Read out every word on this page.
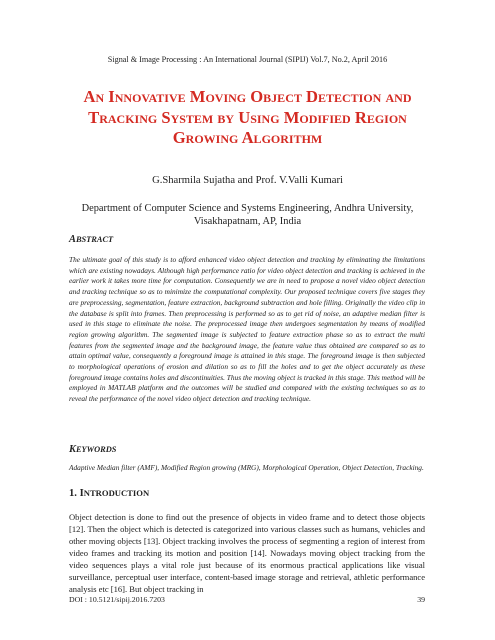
Signal & Image Processing : An International Journal (SIPIJ) Vol.7, No.2, April 2016
An Innovative Moving Object Detection and Tracking System by Using Modified Region Growing Algorithm
G.Sharmila Sujatha and Prof. V.Valli Kumari
Department of Computer Science and Systems Engineering, Andhra University, Visakhapatnam, AP, India
ABSTRACT

The ultimate goal of this study is to afford enhanced video object detection and tracking by eliminating the limitations which are existing nowadays. Although high performance ratio for video object detection and tracking is achieved in the earlier work it takes more time for computation. Consequently we are in need to propose a novel video object detection and tracking technique so as to minimize the computational complexity. Our proposed technique covers five stages they are preprocessing, segmentation, feature extraction, background subtraction and hole filling. Originally the video clip in the database is split into frames. Then preprocessing is performed so as to get rid of noise, an adaptive median filter is used in this stage to eliminate the noise. The preprocessed image then undergoes segmentation by means of modified region growing algorithm. The segmented image is subjected to feature extraction phase so as to extract the multi features from the segmented image and the background image, the feature value thus obtained are compared so as to attain optimal value, consequently a foreground image is attained in this stage. The foreground image is then subjected to morphological operations of erosion and dilation so as to fill the holes and to get the object accurately as these foreground image contains holes and discontinuities. Thus the moving object is tracked in this stage. This method will be employed in MATLAB platform and the outcomes will be studied and compared with the existing techniques so as to reveal the performance of the novel video object detection and tracking technique.

KEYWORDS

Adaptive Median filter (AMF), Modified Region growing (MRG), Morphological Operation, Object Detection, Tracking.

1. INTRODUCTION

Object detection is done to find out the presence of objects in video frame and to detect those objects [12]. Then the object which is detected is categorized into various classes such as humans, vehicles and other moving objects [13]. Object tracking involves the process of segmenting a region of interest from video frames and tracking its motion and position [14]. Nowadays moving object tracking from the video sequences plays a vital role just because of its enormous practical applications like visual surveillance, perceptual user interface, content-based image storage and retrieval, athletic performance analysis etc [16]. But object tracking in

DOI : 10.5121/sipij.2016.7203	39
